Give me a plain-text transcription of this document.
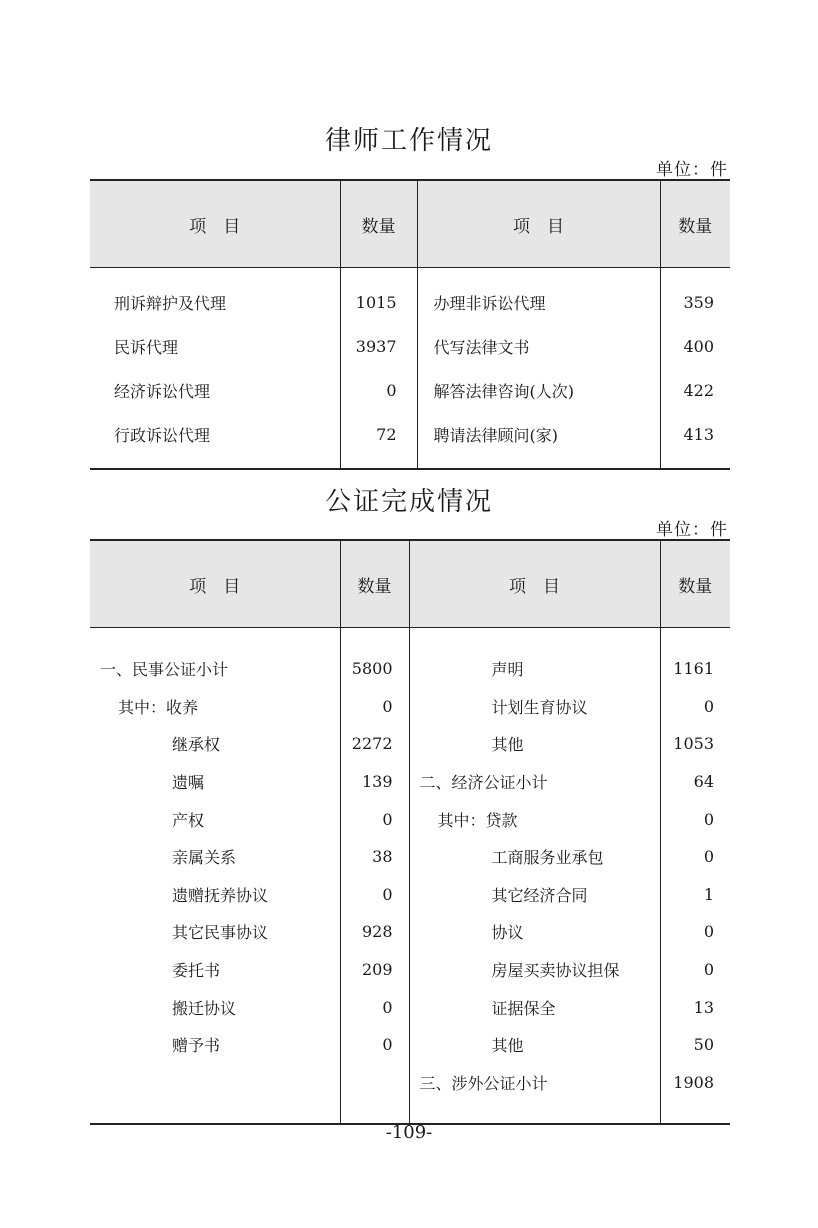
律师工作情况
单位：件
项　目	数量	项　目	数量

刑诉辩护及代理	1015	办理非诉讼代理	359
民诉代理	3937	代写法律文书	400
经济诉讼代理	0	解答法律咨询(人次)	422
行政诉讼代理	72	聘请法律顾问(家)	413

公证完成情况
单位：件
项　目	数量	项　目	数量

一、民事公证小计	5800	声明	1161
其中：收养	0	计划生育协议	0
继承权	2272	其他	1053
遗嘱	139	二、经济公证小计	64
产权	0	其中：贷款	0
亲属关系	38	工商服务业承包	0
遗赠抚养协议	0	其它经济合同	1
其它民事协议	928	协议	0
委托书	209	房屋买卖协议担保	0
搬迁协议	0	证据保全	13
赠予书	0	其他	50
		三、涉外公证小计	1908

-109-
